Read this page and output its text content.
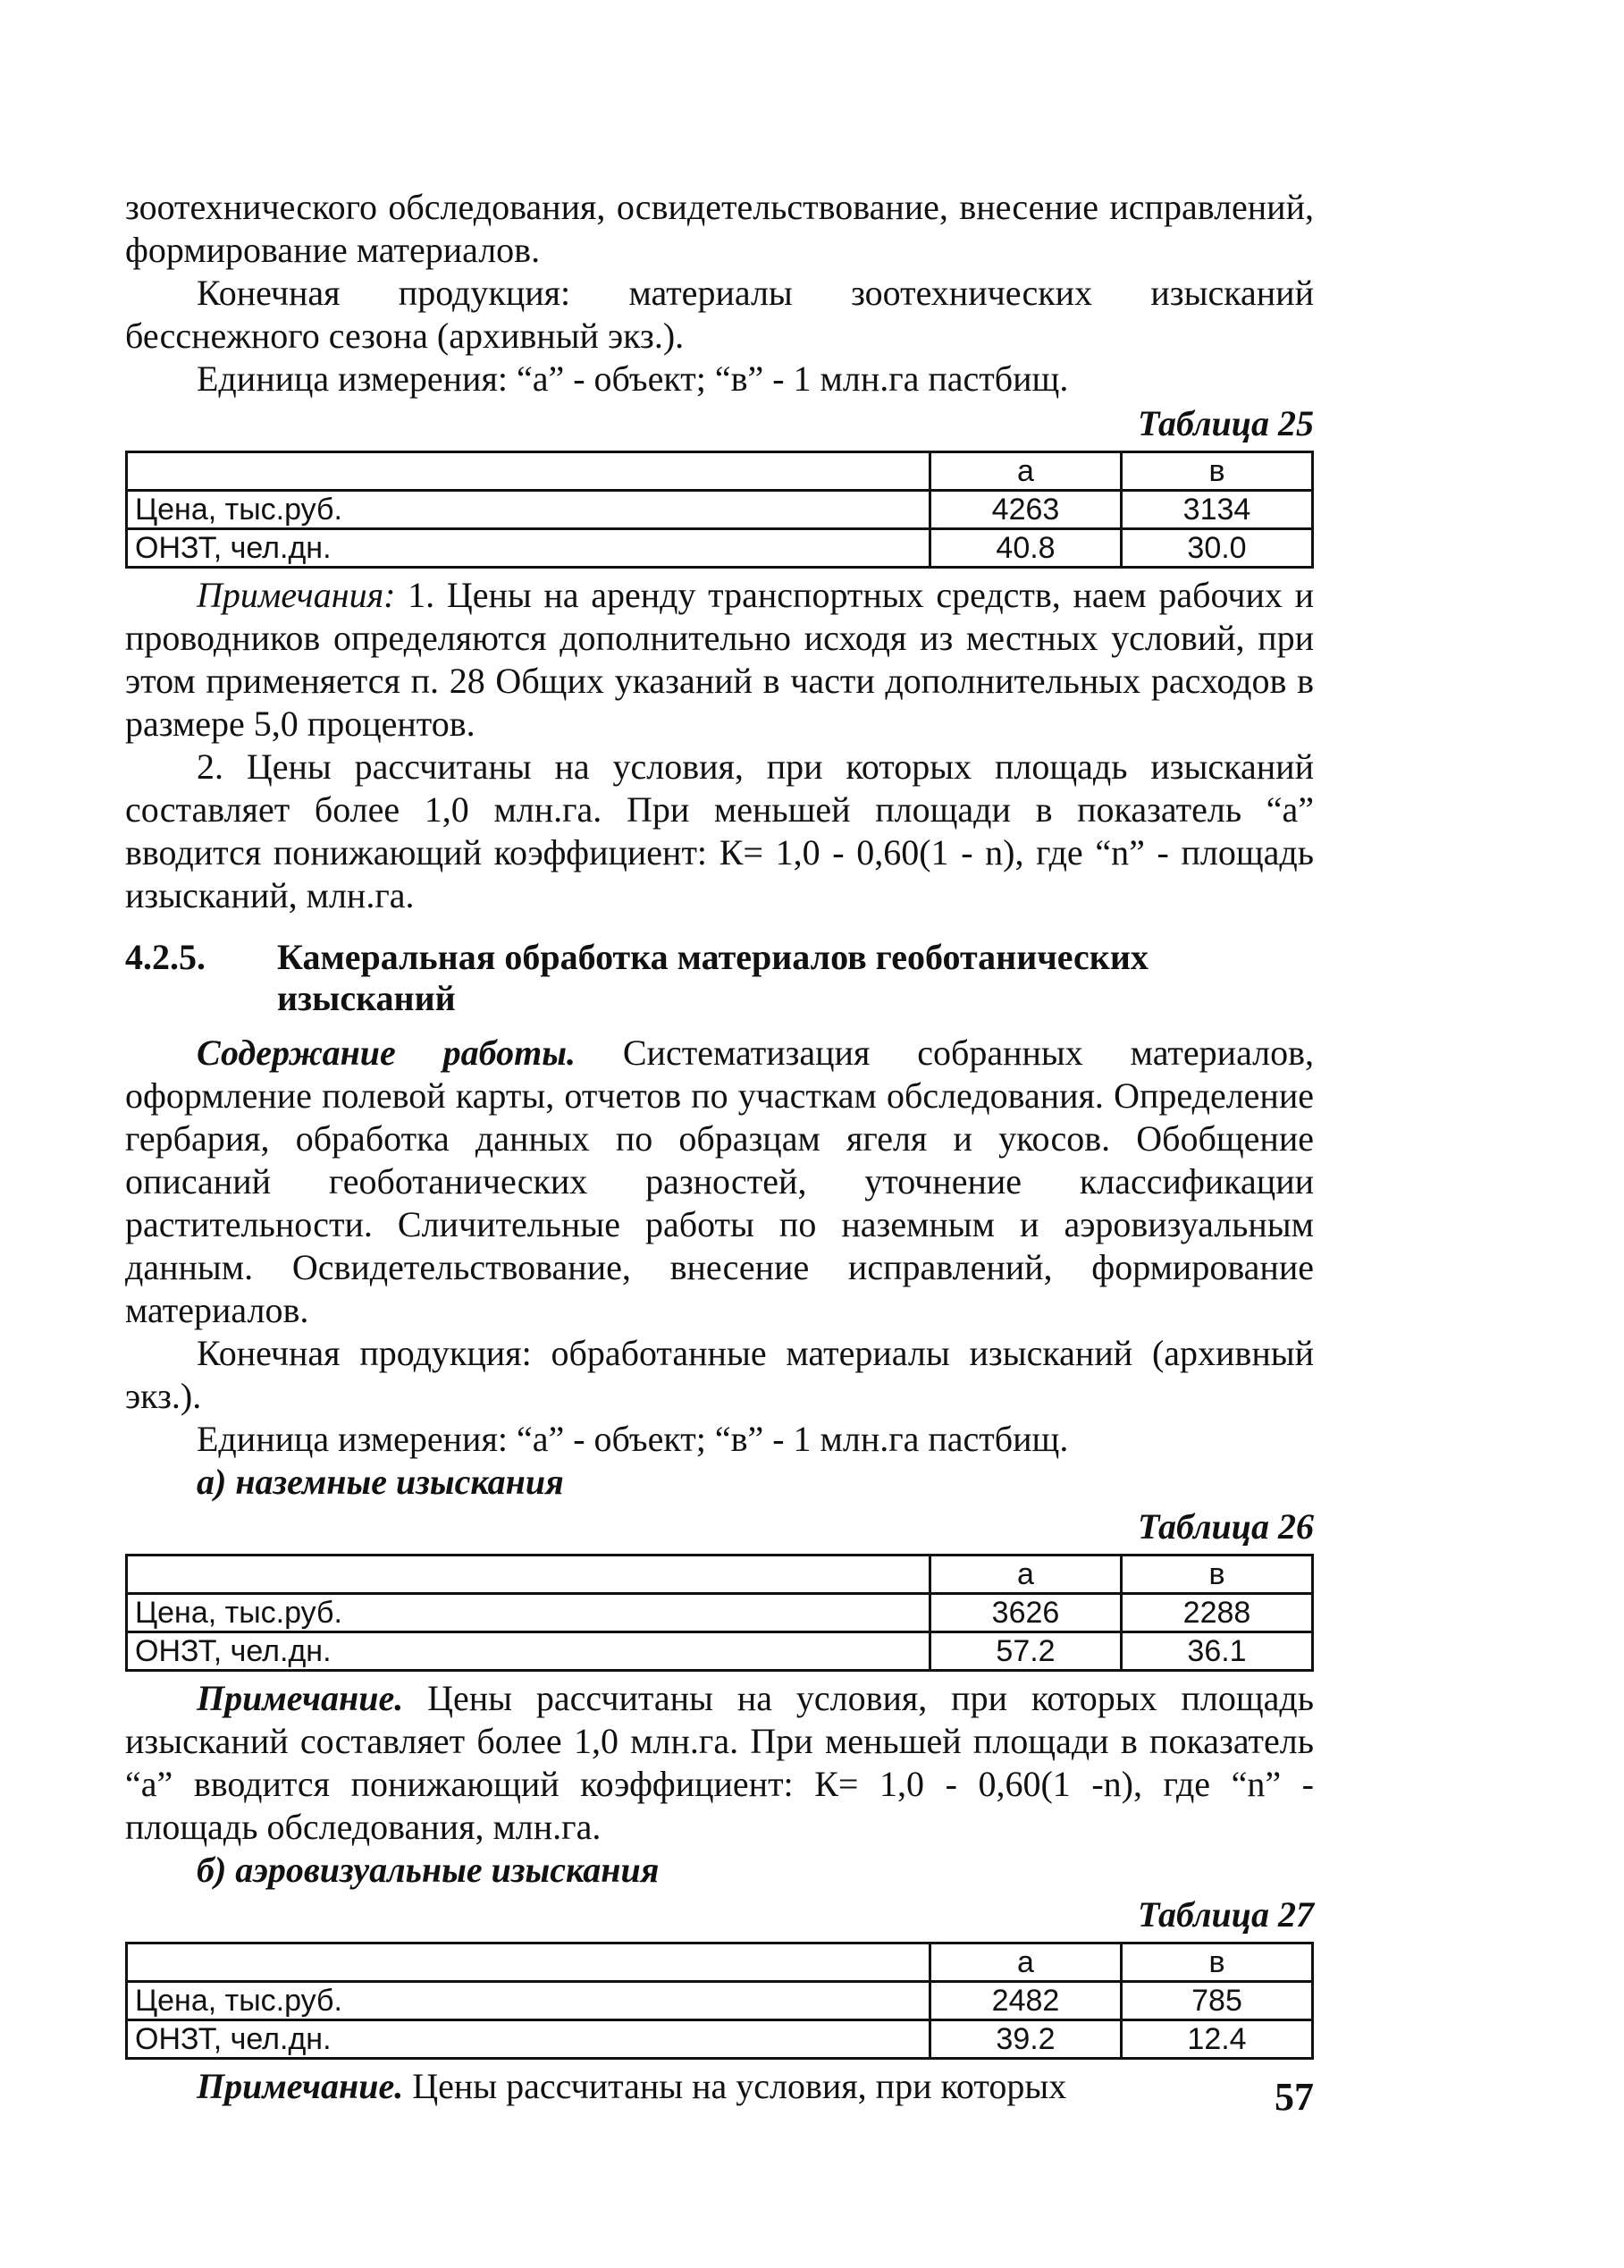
зоотехнического обследования, освидетельствование, внесение исправлений, формирование материалов.

Конечная продукция: материалы зоотехнических изысканий бесснежного сезона (архивный экз.).

Единица измерения: “а” - объект; “в” - 1 млн.га пастбищ.

Таблица 25
	а	в
Цена, тыс.руб.	4263	3134
ОНЗТ, чел.дн.	40.8	30.0

Примечания: 1. Цены на аренду транспортных средств, наем рабочих и проводников определяются дополнительно исходя из местных условий, при этом применяется п. 28 Общих указаний в части дополнительных расходов в размере 5,0 процентов.

2. Цены рассчитаны на условия, при которых площадь изысканий составляет более 1,0 млн.га. При меньшей площади в показатель “а” вводится понижающий коэффициент: К= 1,0 - 0,60(1 - n), где “n” - площадь изысканий, млн.га.

4.2.5.	Камеральная обработка материалов геоботанических изысканий

Содержание работы. Систематизация собранных материалов, оформление полевой карты, отчетов по участкам обследования. Определение гербария, обработка данных по образцам ягеля и укосов. Обобщение описаний геоботанических разностей, уточнение классификации растительности. Сличительные работы по наземным и аэровизуальным данным. Освидетельствование, внесение исправлений, формирование материалов.

Конечная продукция: обработанные материалы изысканий (архивный экз.).

Единица измерения: “а” - объект; “в” - 1 млн.га пастбищ.

а) наземные изыскания

Таблица 26
	а	в
Цена, тыс.руб.	3626	2288
ОНЗТ, чел.дн.	57.2	36.1

Примечание. Цены рассчитаны на условия, при которых площадь изысканий составляет более 1,0 млн.га. При меньшей площади в показатель “а” вводится понижающий коэффициент: К= 1,0 - 0,60(1 -n), где “n” - площадь обследования, млн.га.

б) аэровизуальные изыскания

Таблица 27
	а	в
Цена, тыс.руб.	2482	785
ОНЗТ, чел.дн.	39.2	12.4

Примечание. Цены рассчитаны на условия, при которых	57
